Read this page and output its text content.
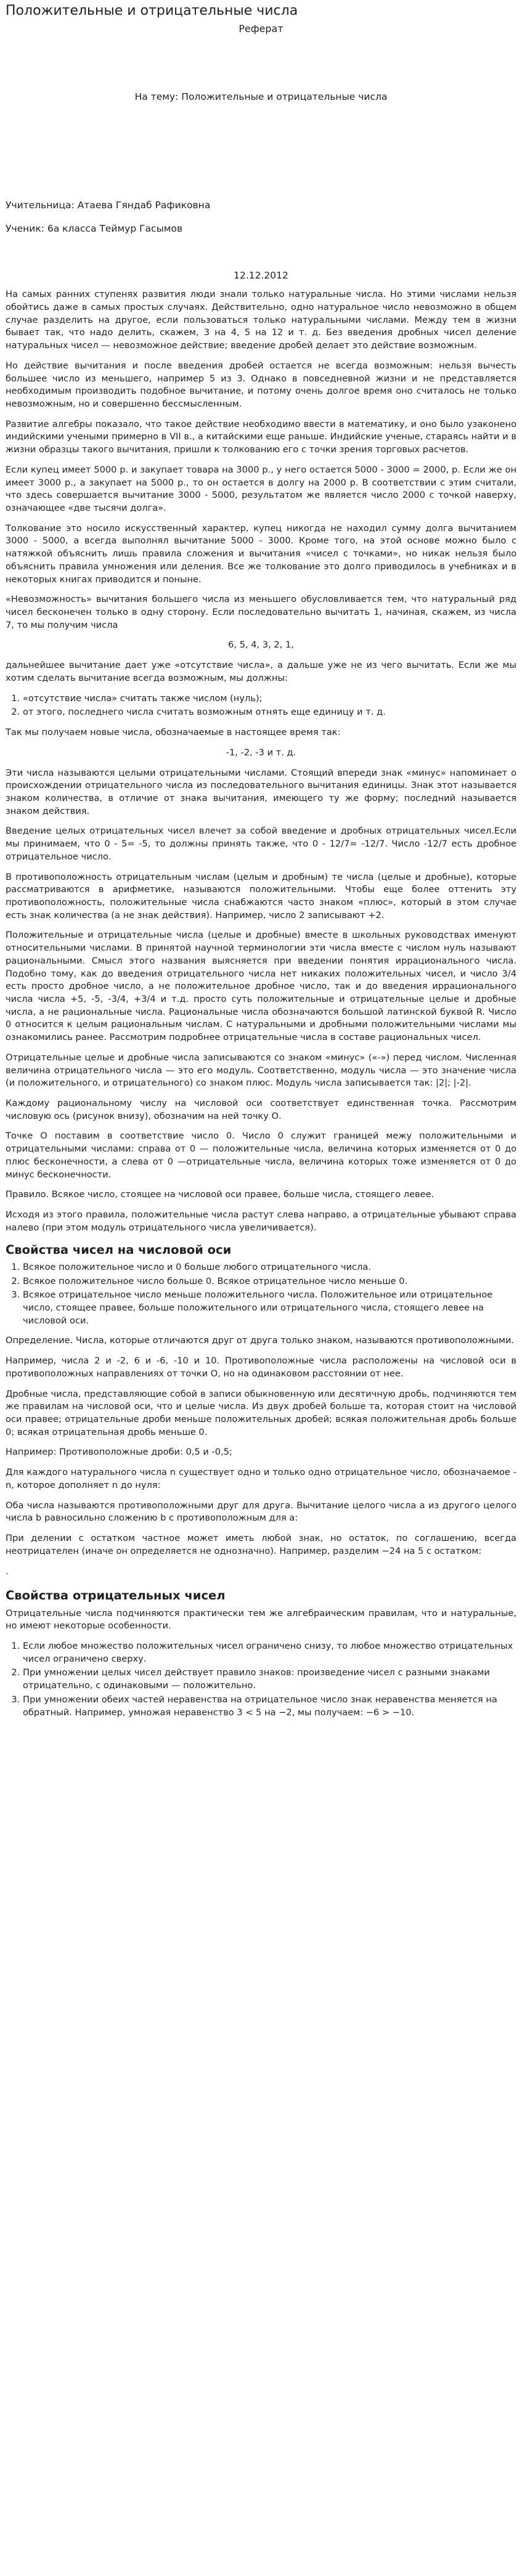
Положительные и отрицательные числа
Реферат
На тему: Положительные и отрицательные числа
Учительница: Атаева Гяндаб Рафиковна
Ученик: 6а класса Теймур Гасымов
12.12.2012

На самых ранних ступенях развития люди знали только натуральные числа. Но этими числами нельзя обойтись даже в самых простых случаях. Действительно, одно натуральное число невозможно в общем случае разделить на другое, если пользоваться только натуральными числами. Между тем в жизни бывает так, что надо делить, скажем, 3 на 4, 5 на 12 и т. д. Без введения дробных чисел деление натуральных чисел — невозможное действие; введение дробей делает это действие возможным.

Но действие вычитания и после введения дробей остается не всегда возможным: нельзя вычесть большее число из меньшего, например 5 из 3. Однако в повседневной жизни и не представляется необходимым производить подобное вычитание, и потому очень долгое время оно считалось не только невозможным, но и совершенно бессмысленным.

Развитие алгебры показало, что такое действие необходимо ввести в математику, и оно было узаконено индийскими учеными примерно в VII в., а китайскими еще раньше. Индийские ученые, стараясь найти и в жизни образцы такого вычитания, пришли к толкованию его с точки зрения торговых расчетов.

Если купец имеет 5000 р. и закупает товара на 3000 р., у него остается 5000 - 3000 = 2000, р. Если же он имеет 3000 р., а закупает на 5000 р., то он остается в долгу на 2000 р. В соответствии с этим считали, что здесь совершается вычитание 3000 - 5000, результатом же является число 2000 с точкой наверху, означающее «две тысячи долга».

Толкование это носило искусственный характер, купец никогда не находил сумму долга вычитанием 3000 - 5000, а всегда выполнял вычитание 5000 - 3000. Кроме того, на этой основе можно было с натяжкой объяснить лишь правила сложения и вычитания «чисел с точками», но никак нельзя было объяснить правила умножения или деления. Все же толкование это долго приводилось в учебниках и в некоторых книгах приводится и поныне.

«Невозможность» вычитания большего числа из меньшего обусловливается тем, что натуральный ряд чисел бесконечен только в одну сторону. Если последовательно вычитать 1, начиная, скажем, из числа 7, то мы получим числа

6, 5, 4, 3, 2, 1,

дальнейшее вычитание дает уже «отсутствие числа», а дальше уже не из чего вычитать. Если же мы хотим сделать вычитание всегда возможным, мы должны:

1. «отсутствие числа» считать также числом (нуль);
2. от этого, последнего числа считать возможным отнять еще единицу и т. д.

Так мы получаем новые числа, обозначаемые в настоящее время так:

-1, -2, -3 и т. д.

Эти числа называются целыми отрицательными числами. Стоящий впереди знак «минус» напоминает о происхождении отрицательного числа из последовательного вычитания единицы. Знак этот называется знаком количества, в отличие от знака вычитания, имеющего ту же форму; последний называется знаком действия.

Введение целых отрицательных чисел влечет за собой введение и дробных отрицательных чисел.Если мы принимаем, что 0 - 5= -5, то должны принять также, что 0 - 12/7= -12/7. Число -12/7 есть дробное отрицательное число.

В противоположность отрицательным числам (целым и дробным) те числа (целые и дробные), которые рассматриваются в арифметике, называются положительными. Чтобы еще более оттенить эту противоположность, положительные числа снабжаются часто знаком «плюс», который в этом случае есть знак количества (а не знак действия). Например, число 2 записывают +2.

Положительные и отрицательные числа (целые и дробные) вместе в школьных руководствах именуют относительными числами. В принятой научной терминологии эти числа вместе с числом нуль называют рациональными. Смысл этого названия выясняется при введении понятия иррационального числа. Подобно тому, как до введения отрицательного числа нет никаких положительных чисел, и число 3/4 есть просто дробное число, а не положительное дробное число, так и до введения иррационального числа числа +5, -5, -3/4, +3/4 и т.д. просто суть положительные и отрицательные целые и дробные числа, а не рациональные числа. Рациональные числа обозначаются большой латинской буквой R. Число 0 относится к целым рациональным числам. С натуральными и дробными положительными числами мы ознакомились ранее. Рассмотрим подробнее отрицательные числа в составе рациональных чисел.

Отрицательные целые и дробные числа записываются со знаком «минус» («-») перед числом. Численная величина отрицательного числа — это его модуль. Соответственно, модуль числа — это значение числа (и положительного, и отрицательного) со знаком плюс. Модуль числа записывается так: |2|; |-2|.

Каждому рациональному числу на числовой оси соответствует единственная точка. Рассмотрим числовую ось (рисунок внизу), обозначим на ней точку О.

Точке О поставим в соответствие число 0. Число 0 служит границей межу положительными и отрицательными числами: справа от 0 — положительные числа, величина которых изменяется от 0 до плюс бесконечности, а слева от 0 —отрицательные числа, величина которых тоже изменяется от 0 до минус бесконечности.

Правило. Всякое число, стоящее на числовой оси правее, больше числа, стоящего левее.

Исходя из этого правила, положительные числа растут слева направо, а отрицательные убывают справа налево (при этом модуль отрицательного числа увеличивается).

Свойства чисел на числовой оси
1. Всякое положительное число и 0 больше любого отрицательного числа.
2. Всякое положительное число больше 0. Всякое отрицательное число меньше 0.
3. Всякое отрицательное число меньше положительного числа. Положительное или отрицательное число, стоящее правее, больше положительного или отрицательного числа, стоящего левее на числовой оси.

Определение. Числа, которые отличаются друг от друга только знаком, называются противоположными.

Например, числа 2 и -2, 6 и -6, -10 и 10. Противоположные числа расположены на числовой оси в противоположных направлениях от точки О, но на одинаковом расстоянии от нее.

Дробные числа, представляющие собой в записи обыкновенную или десятичную дробь, подчиняются тем же правилам на числовой оси, что и целые числа. Из двух дробей больше та, которая стоит на числовой оси правее; отрицательные дроби меньше положительных дробей; всякая положительная дробь больше 0; всякая отрицательная дробь меньше 0.

Например: Противоположные дроби: 0,5 и -0,5;

Для каждого натурального числа n существует одно и только одно отрицательное число, обозначаемое -n, которое дополняет n до нуля:

Оба числа называются противоположными друг для друга. Вычитание целого числа a из другого целого числа b равносильно сложению b с противоположным для a:

При делении с остатком частное может иметь любой знак, но остаток, по соглашению, всегда неотрицателен (иначе он определяется не однозначно). Например, разделим −24 на 5 с остатком:

.
Свойства отрицательных чисел

Отрицательные числа подчиняются практически тем же алгебраическим правилам, что и натуральные, но имеют некоторые особенности.

1. Если любое множество положительных чисел ограничено снизу, то любое множество отрицательных чисел ограничено сверху.
2. При умножении целых чисел действует правило знаков: произведение чисел с разными знаками отрицательно, с одинаковыми — положительно.
3. При умножении обеих частей неравенства на отрицательное число знак неравенства меняется на обратный. Например, умножая неравенство 3 < 5 на −2, мы получаем: −6 > −10.
